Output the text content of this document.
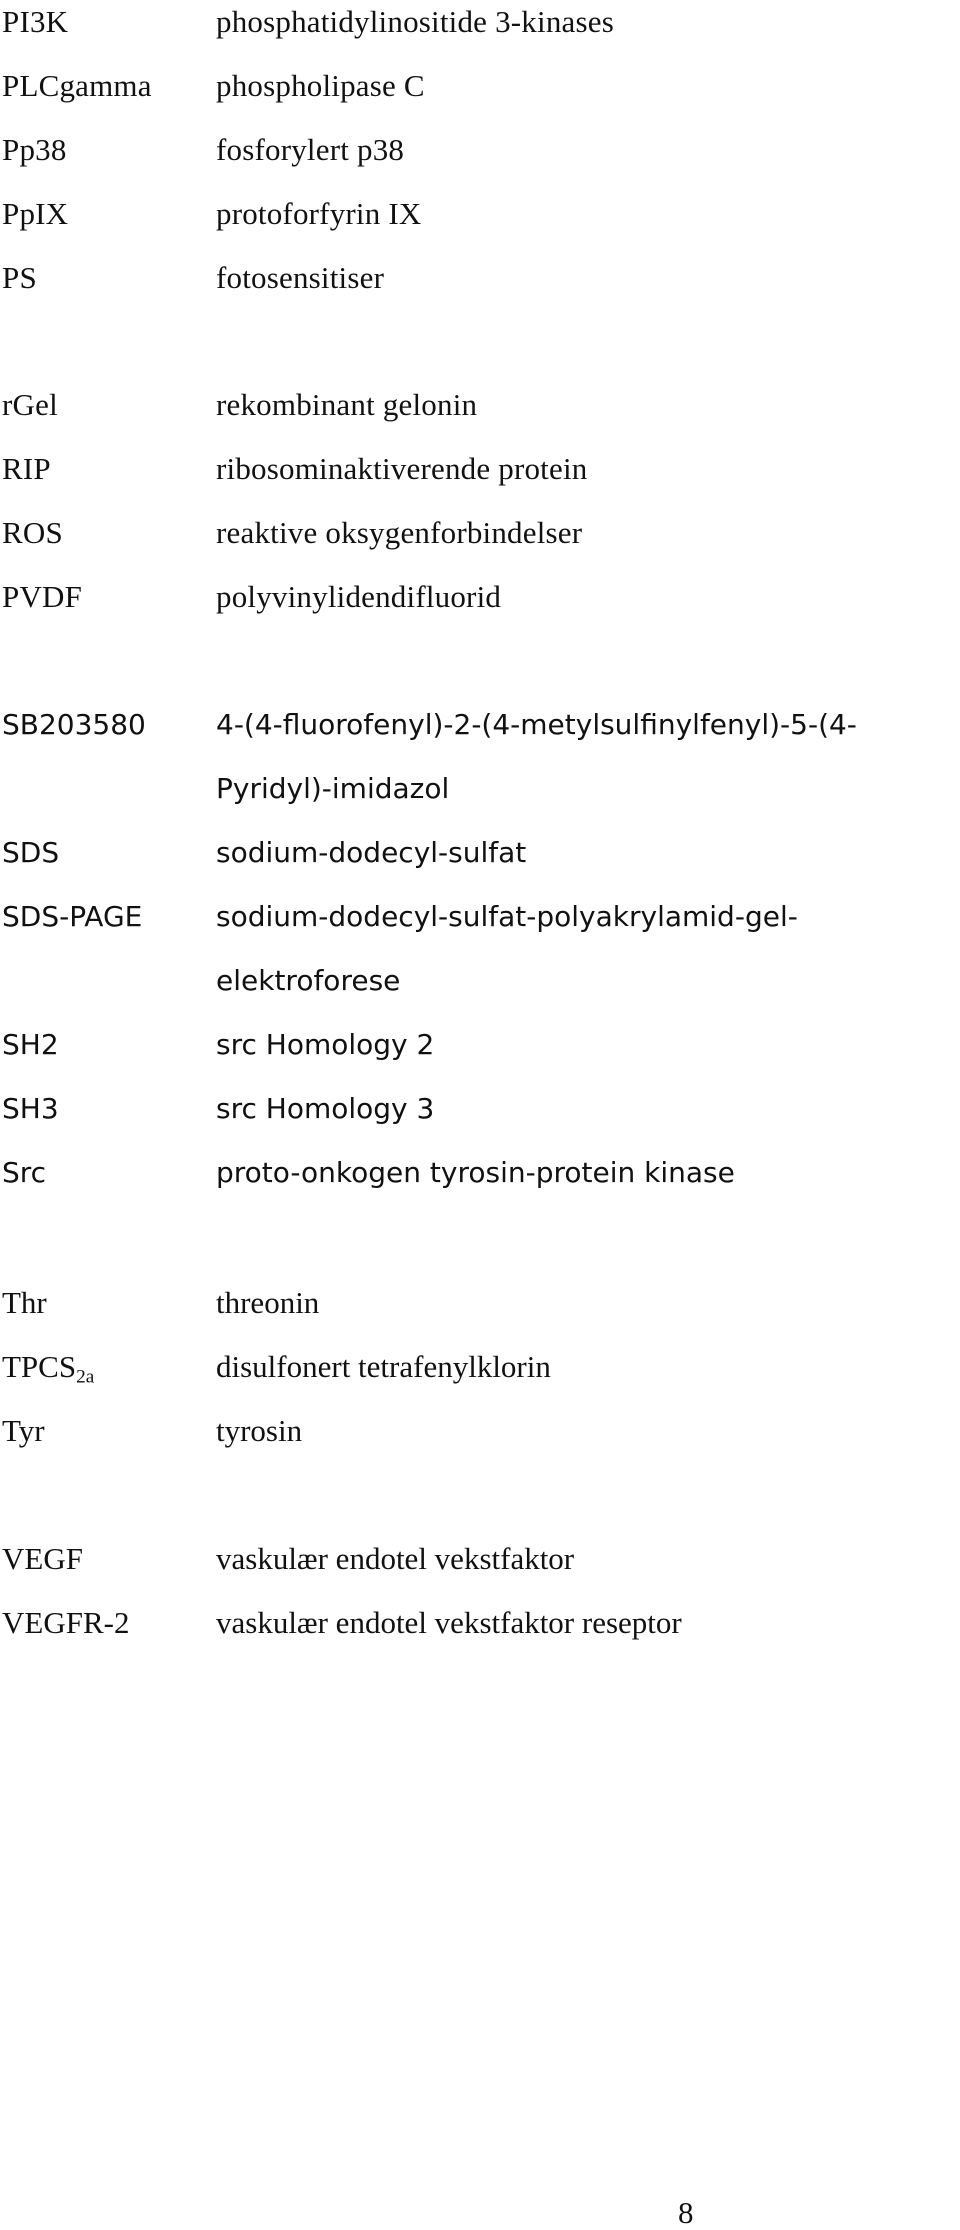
PI3K	phosphatidylinositide 3-kinases
PLCgamma phospholipase C
Pp38	fosforylert p38
PpIX	protoforfyrin IX
PS	fotosensitiser
rGel	rekombinant gelonin
RIP	ribosominaktiverende protein
ROS	reaktive oksygenforbindelser
PVDF	polyvinylidendifluorid
SB203580	4-(4-fluorofenyl)-2-(4-metylsulfinylfenyl)-5-(4-
Pyridyl)-imidazol
SDS	sodium-dodecyl-sulfat
SDS-PAGE	sodium-dodecyl-sulfat-polyakrylamid-gel-
elektroforese
SH2	src Homology 2
SH3	src Homology 3
Src	proto-onkogen tyrosin-protein kinase
Thr	threonin
$TPCS_{2a}$	disulfonert tetrafenylklorin
Tyr	tyrosin
VEGF	vaskulær endotel vekstfaktor
VEGFR-2	vaskulær endotel vekstfaktor reseptor
8
